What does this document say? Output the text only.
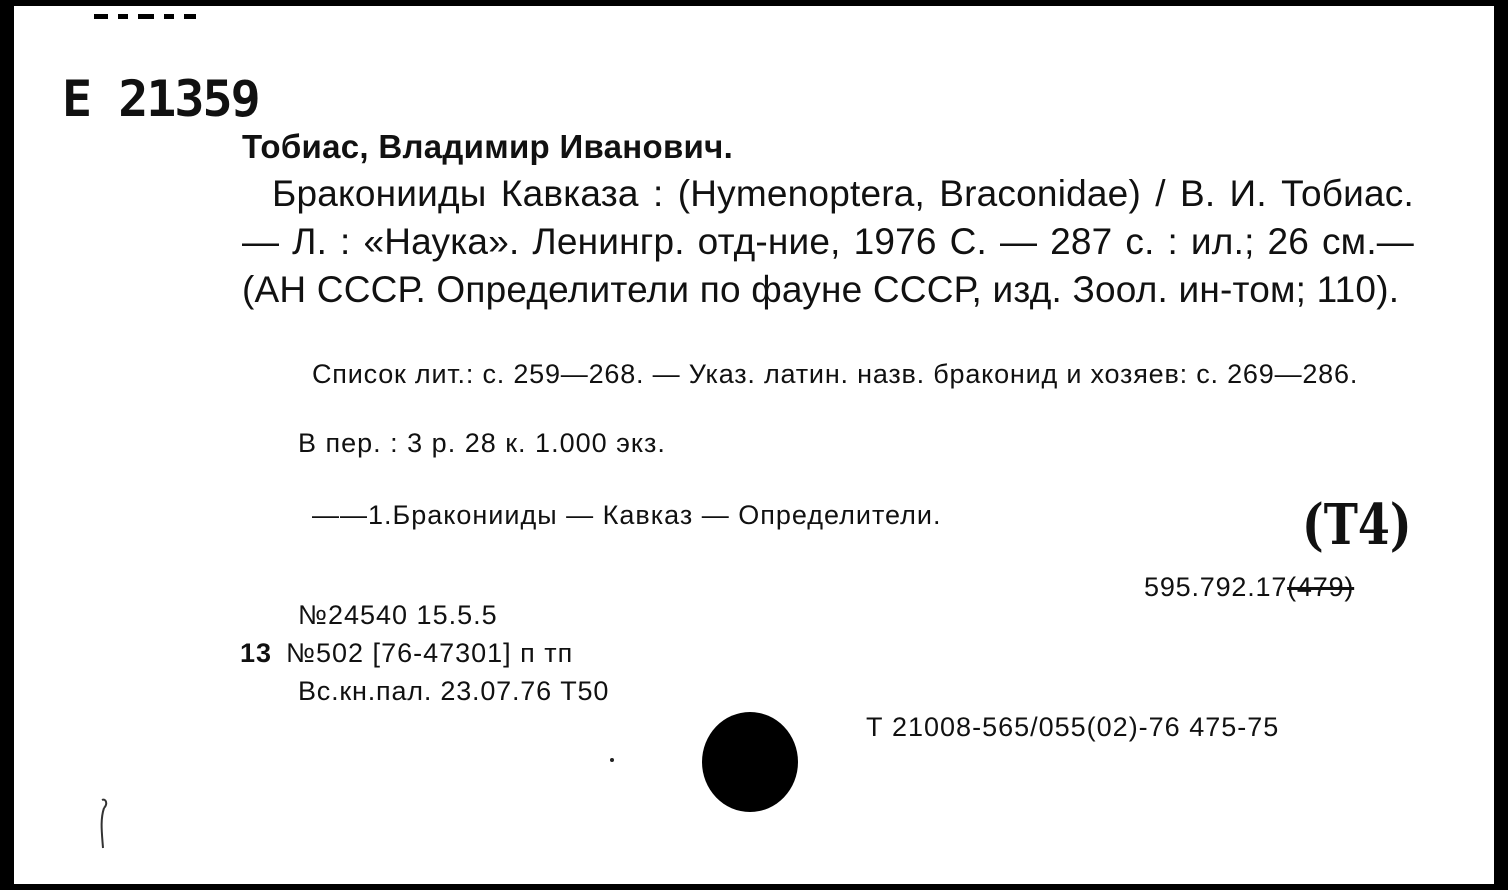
E 21359
Тобиас, Владимир Иванович.

Браконииды Кавказа : (Hymenoptera, Braconidae) / В. И. Тобиас. — Л. : «Наука». Ленингр. отд-ние, 1976 С. — 287 с. : ил.; 26 см.— (АН СССР. Определители по фауне СССР, изд. Зоол. ин-том; 110).

Список лит.: с. 259—268. — Указ. латин. назв. браконид и хозяев: с. 269—286.

В пер. : 3 р. 28 к. 1.000 экз.
——1.Браконииды — Кавказ — Определители.	(Т4)
595.792.17(479)
№24540 15.5.5
13 №502 [76-47301] п тп
Вс.кн.пал. 23.07.76 Т50
Т 21008-565/055(02)-76 475-75
